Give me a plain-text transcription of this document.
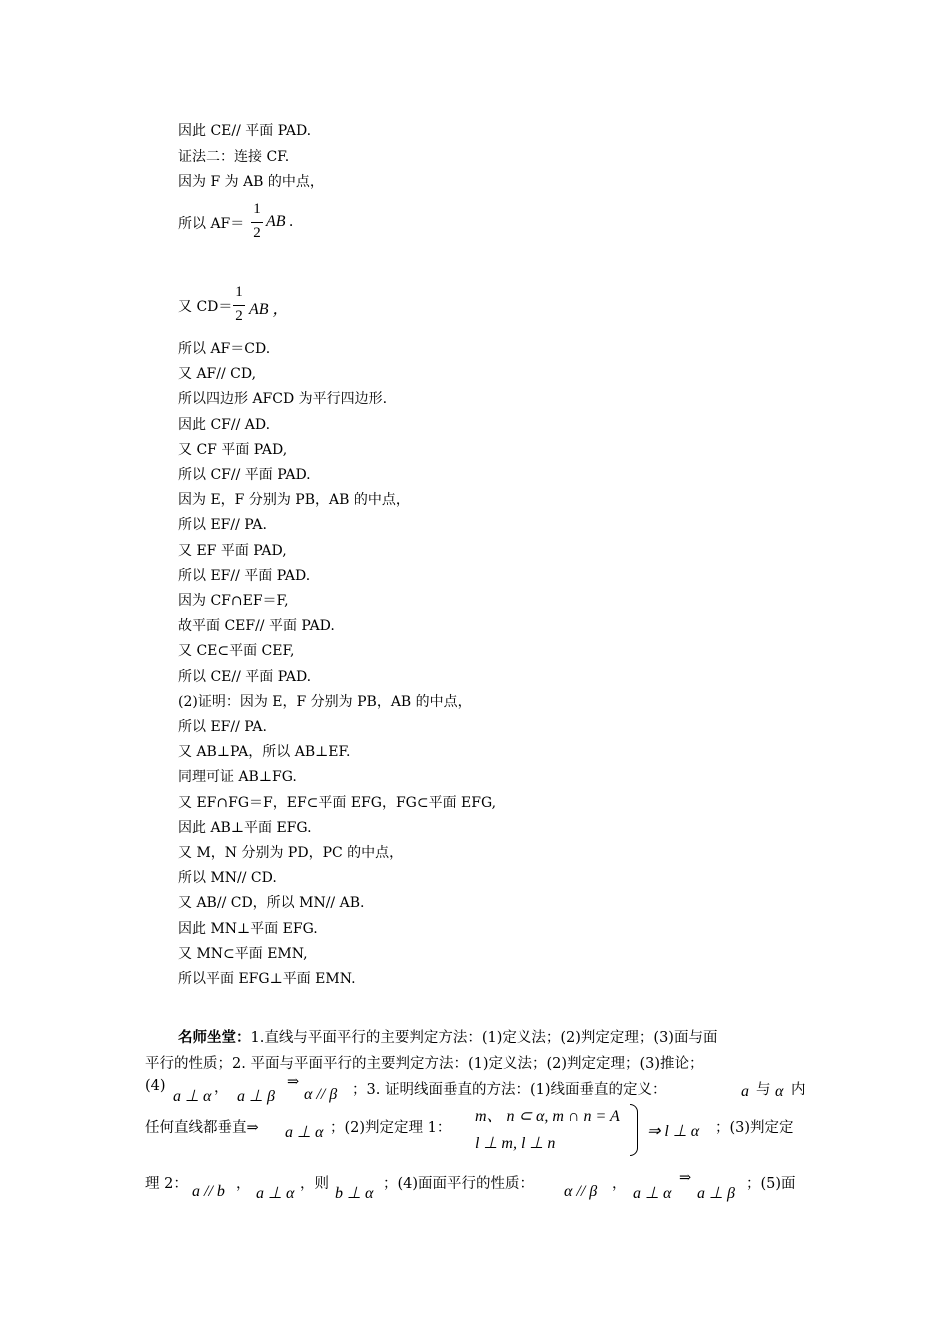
因此 CE// 平面 PAD.
证法二：连接 CF.
因为 F 为 AB 的中点，
所以 AF＝
1
2
AB .
又 CD＝
1
2 AB ，
所以 AF＝CD.
又 AF// CD,
所以四边形 AFCD 为平行四边形.
因此 CF// AD.
又 CF 平面 PAD,
所以 CF// 平面 PAD.
因为 E，F 分别为 PB，AB 的中点，
所以 EF// PA.
又 EF 平面 PAD,
所以 EF// 平面 PAD.
因为 CF∩EF＝F,
故平面 CEF// 平面 PAD.
又 CE⊂平面 CEF,
所以 CE// 平面 PAD.
(2)证明：因为 E，F 分别为 PB，AB 的中点，
所以 EF// PA.
又 AB⊥PA，所以 AB⊥EF.
同理可证 AB⊥FG.
又 EF∩FG＝F，EF⊂平面 EFG，FG⊂平面 EFG,
因此 AB⊥平面 EFG.
又 M，N 分别为 PD，PC 的中点，
所以 MN// CD.
又 AB// CD，所以 MN// AB.
因此 MN⊥平面 EFG.
又 MN⊂平面 EMN,
所以平面 EFG⊥平面 EMN.
名师坐堂：1.直线与平面平行的主要判定方法：(1)定义法；(2)判定定理；(3)面与面
平行的性质；2. 平面与平面平行的主要判定方法：(1)定义法；(2)判定定理；(3)推论；
(4)
a ⊥ α ， a ⊥ β
⇒
α // β ；3. 证明线面垂直的方法：(1)线面垂直的定义：	a 与 α 内
任何直线都垂直⇒ a ⊥ α ；(2)判定定理 1：
m、 n ⊂ α, m ∩ n = A
l ⊥ m, l ⊥ n
⇒ l ⊥ α ；(3)判定定
理 2： a // b ，
a ⊥ α
，则
b ⊥ α
；(4)面面平行的性质： α // β ，
a ⊥ α
⇒
a ⊥ β
；(5)面
